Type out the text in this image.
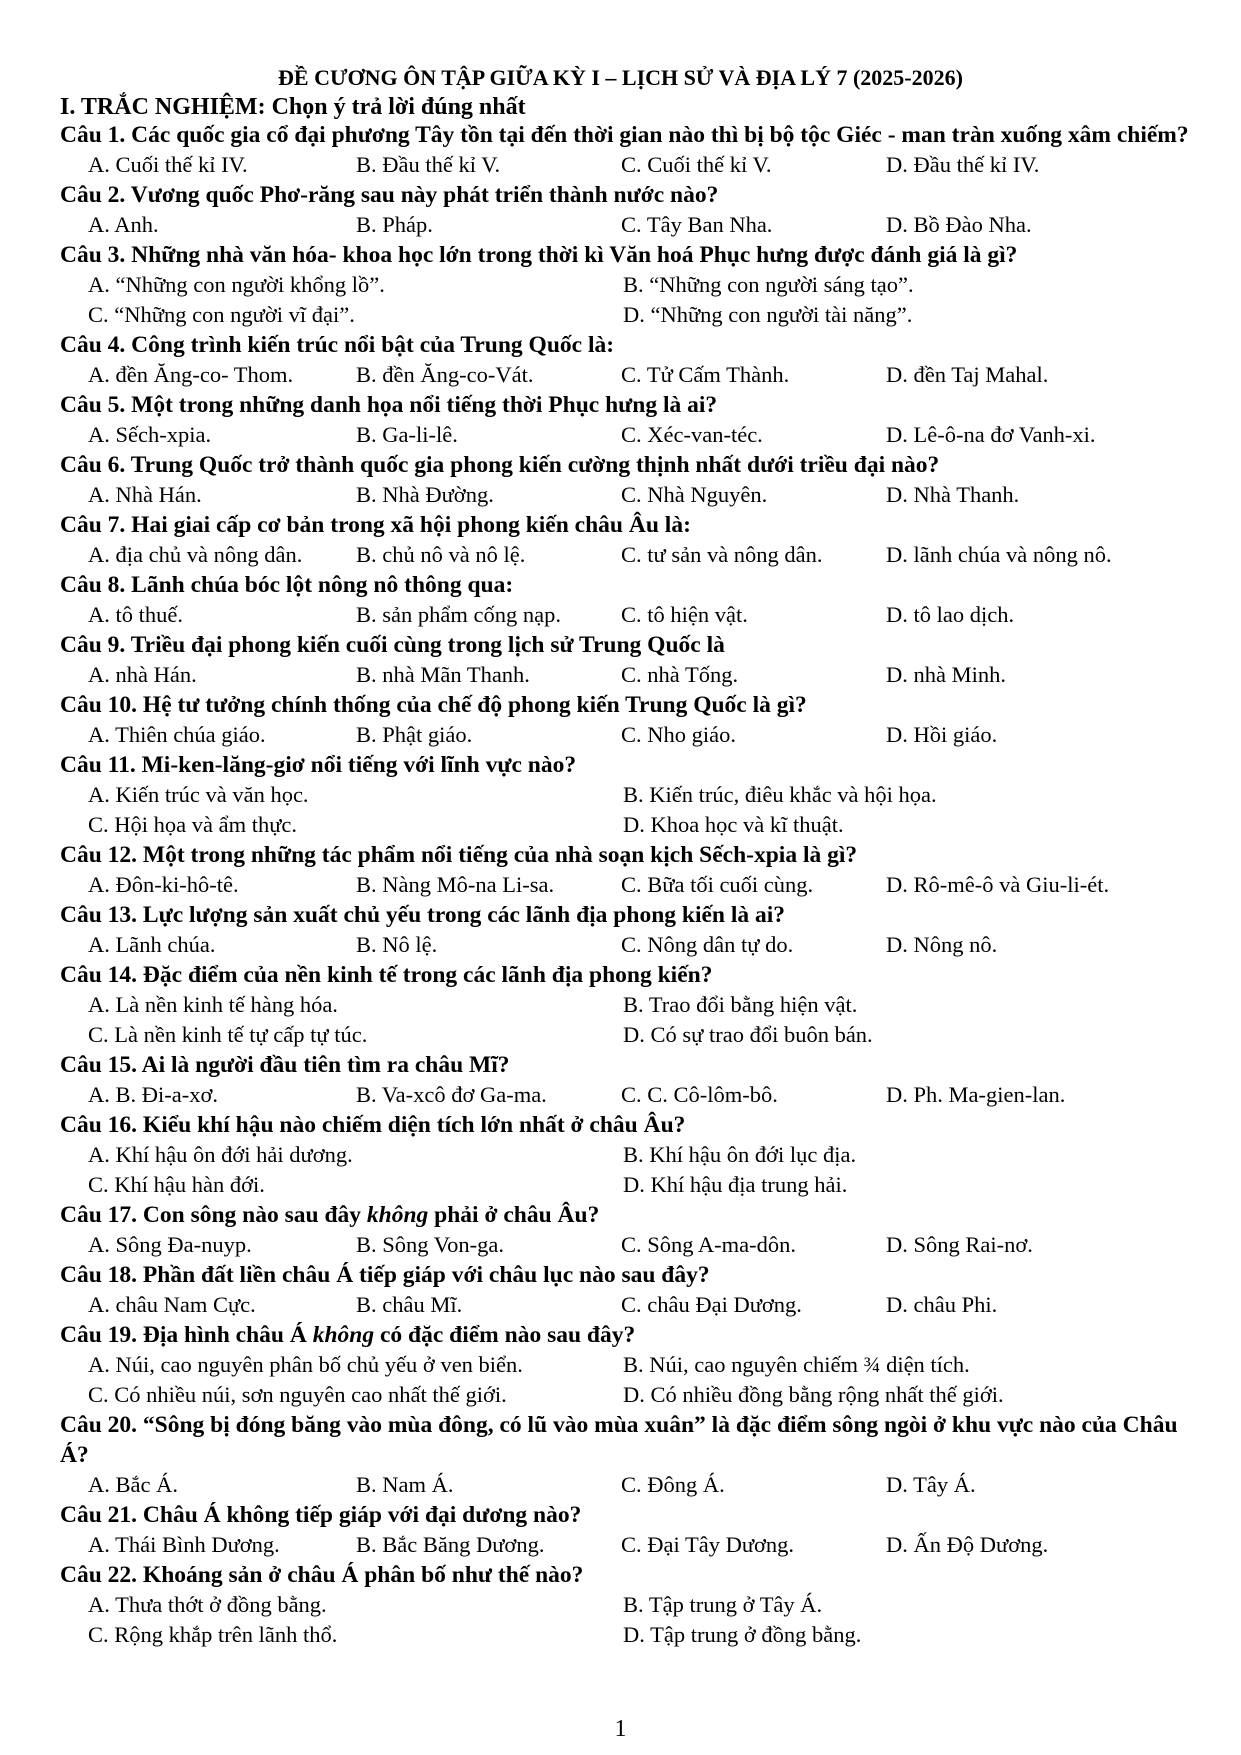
ĐỀ CƯƠNG ÔN TẬP GIỮA KỲ I – LỊCH SỬ VÀ ĐỊA LÝ 7 (2025-2026)
I. TRẮC NGHIỆM: Chọn ý trả lời đúng nhất
Câu 1. Các quốc gia cổ đại phương Tây tồn tại đến thời gian nào thì bị bộ tộc Giéc - man tràn xuống xâm chiếm?
A. Cuối thế kỉ IV.	B. Đầu thế kỉ V.	C. Cuối thế kỉ V.	D. Đầu thế kỉ IV.
Câu 2. Vương quốc Phơ-răng sau này phát triển thành nước nào?
A. Anh.	B. Pháp.	C. Tây Ban Nha.	D. Bồ Đào Nha.
Câu 3. Những nhà văn hóa- khoa học lớn trong thời kì Văn hoá Phục hưng được đánh giá là gì?
A. “Những con người khổng lồ”.	B. “Những con người sáng tạo”.
C. “Những con người vĩ đại”.	D. “Những con người tài năng”.
Câu 4. Công trình kiến trúc nổi bật của Trung Quốc là:
A. đền Ăng-co- Thom.	B. đền Ăng-co-Vát.	C. Tử Cấm Thành.	D. đền Taj Mahal.
Câu 5. Một trong những danh họa nổi tiếng thời Phục hưng là ai?
A. Sếch-xpia.	B. Ga-li-lê.	C. Xéc-van-téc.	D. Lê-ô-na đơ Vanh-xi.
Câu 6. Trung Quốc trở thành quốc gia phong kiến cường thịnh nhất dưới triều đại nào?
A. Nhà Hán.	B. Nhà Đường.	C. Nhà Nguyên.	D. Nhà Thanh.
Câu 7. Hai giai cấp cơ bản trong xã hội phong kiến châu Âu là:
A. địa chủ và nông dân.	B. chủ nô và nô lệ.	C. tư sản và nông dân.	D. lãnh chúa và nông nô.
Câu 8. Lãnh chúa bóc lột nông nô thông qua:
A. tô thuế.	B. sản phẩm cống nạp.	C. tô hiện vật.	D. tô lao dịch.
Câu 9. Triều đại phong kiến cuối cùng trong lịch sử Trung Quốc là
A. nhà Hán.	B. nhà Mãn Thanh.	C. nhà Tống.	D. nhà Minh.
Câu 10. Hệ tư tưởng chính thống của chế độ phong kiến Trung Quốc là gì?
A. Thiên chúa giáo.	B. Phật giáo.	C. Nho giáo.	D. Hồi giáo.
Câu 11. Mi-ken-lăng-giơ nổi tiếng với lĩnh vực nào?
A. Kiến trúc và văn học.	B. Kiến trúc, điêu khắc và hội họa.
C. Hội họa và ẩm thực.	D. Khoa học và kĩ thuật.
Câu 12. Một trong những tác phẩm nổi tiếng của nhà soạn kịch Sếch-xpia là gì?
A. Đôn-ki-hô-tê.	B. Nàng Mô-na Li-sa.	C. Bữa tối cuối cùng.	D. Rô-mê-ô và Giu-li-ét.
Câu 13. Lực lượng sản xuất chủ yếu trong các lãnh địa phong kiến là ai?
A. Lãnh chúa.	B. Nô lệ.	C. Nông dân tự do.	D. Nông nô.
Câu 14. Đặc điểm của nền kinh tế trong các lãnh địa phong kiến?
A. Là nền kinh tế hàng hóa.	B. Trao đổi bằng hiện vật.
C. Là nền kinh tế tự cấp tự túc.	D. Có sự trao đổi buôn bán.
Câu 15. Ai là người đầu tiên tìm ra châu Mĩ?
A. B. Đi-a-xơ.	B. Va-xcô đơ Ga-ma.	C. C. Cô-lôm-bô.	D. Ph. Ma-gien-lan.
Câu 16. Kiểu khí hậu nào chiếm diện tích lớn nhất ở châu Âu?
A. Khí hậu ôn đới hải dương.	B. Khí hậu ôn đới lục địa.
C. Khí hậu hàn đới.	D. Khí hậu địa trung hải.
Câu 17. Con sông nào sau đây không phải ở châu Âu?
A. Sông Đa-nuyp.	B. Sông Von-ga.	C. Sông A-ma-dôn.	D. Sông Rai-nơ.
Câu 18. Phần đất liền châu Á tiếp giáp với châu lục nào sau đây?
A. châu Nam Cực.	B. châu Mĩ.	C. châu Đại Dương.	D. châu Phi.
Câu 19. Địa hình châu Á không có đặc điểm nào sau đây?
A. Núi, cao nguyên phân bố chủ yếu ở ven biển.	B. Núi, cao nguyên chiếm ¾ diện tích.
C. Có nhiều núi, sơn nguyên cao nhất thế giới.	D. Có nhiều đồng bằng rộng nhất thế giới.
Câu 20. “Sông bị đóng băng vào mùa đông, có lũ vào mùa xuân” là đặc điểm sông ngòi ở khu vực nào của Châu Á?
A. Bắc Á.	B. Nam Á.	C. Đông Á.	D. Tây Á.
Câu 21. Châu Á không tiếp giáp với đại dương nào?
A. Thái Bình Dương.	B. Bắc Băng Dương.	C. Đại Tây Dương.	D. Ấn Độ Dương.
Câu 22. Khoáng sản ở châu Á phân bố như thế nào?
A. Thưa thớt ở đồng bằng.	B. Tập trung ở Tây Á.
C. Rộng khắp trên lãnh thổ.	D. Tập trung ở đồng bằng.
1
